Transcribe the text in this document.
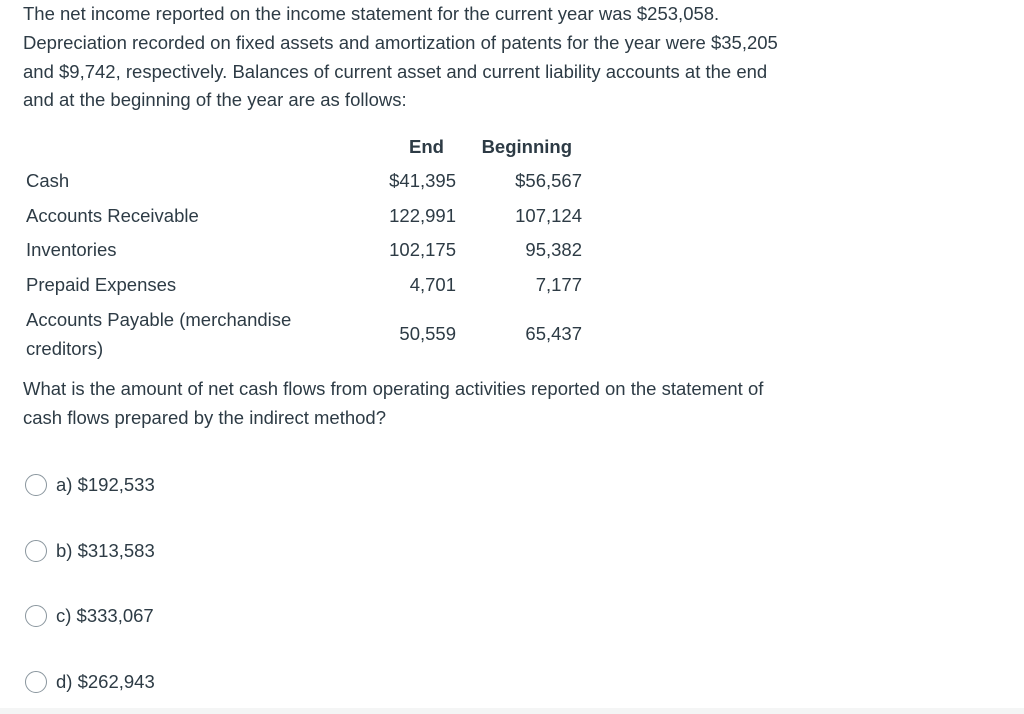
The net income reported on the income statement for the current year was $253,058. Depreciation recorded on fixed assets and amortization of patents for the year were $35,205 and $9,742, respectively. Balances of current asset and current liability accounts at the end and at the beginning of the year are as follows:

	End	Beginning
Cash	$41,395	$56,567
Accounts Receivable	122,991	107,124
Inventories	102,175	95,382
Prepaid Expenses	4,701	7,177
Accounts Payable (merchandise creditors)	50,559	65,437

What is the amount of net cash flows from operating activities reported on the statement of cash flows prepared by the indirect method?

a) $192,533
b) $313,583
c) $333,067
d) $262,943
